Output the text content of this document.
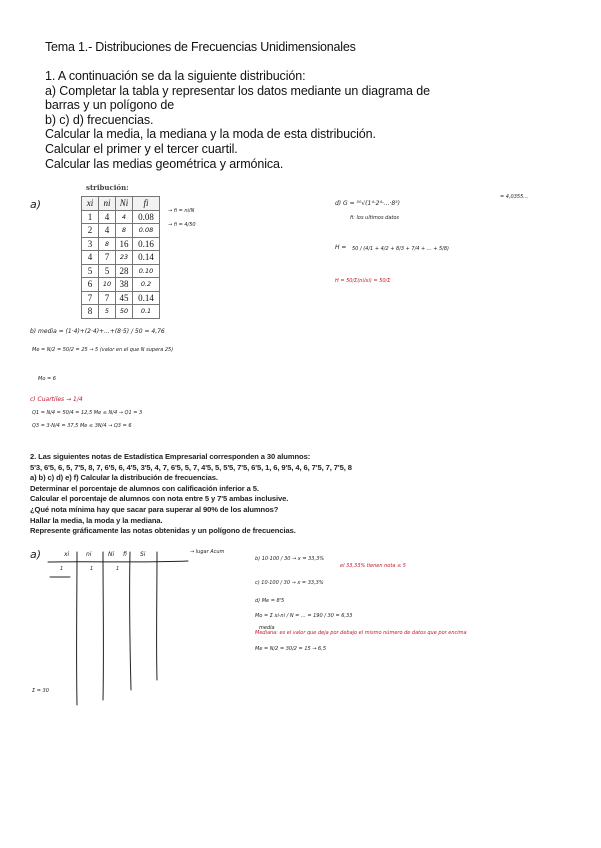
Tema 1.- Distribuciones de Frecuencias Unidimensionales
1. A continuación se da la siguiente distribución:
a) Completar la tabla y representar los datos mediante un diagrama de
barras y un polígono de
b) c) d) frecuencias.
Calcular la media, la mediana y la moda de esta distribución.
Calcular el primer y el tercer cuartil.
Calcular las medias geométrica y armónica.
a)
stribución:
xi	ni	Ni	fi
1	4	4	0.08
2	4	8	0.08
3	8	16	0.16
4	7	23	0.14
5	5	28	0.10
6	10	38	0.2
7	7	45	0.14
8	5	50	0.1
→ fi = ni/N
→ fi = 4/50
d) G = ⁵⁰√(1⁴·2⁴·...·8⁵)
= 4,0355...
fi: los ultimos datos
H = 50 / (4/1 + 4/2 + 8/3 + 7/4 + ... + 5/8)
H = 50/Σ(ni/xi) = 50/Σ
b) media = (1·4)+(2·4)+...+(8·5) / 50 = 4,76
Me = N/2 = 50/2 = 25 → 5 (valor en el que N supera 25)
Mo = 6
c) Cuartiles → 1/4
Q1 = N/4 = 50/4 = 12,5 Me ≤ N/4 → Q1 = 3
Q3 = 3·N/4 = 37,5 Me ≤ 3N/4 → Q3 = 6
2. Las siguientes notas de Estadística Empresarial corresponden a 30 alumnos:
5'3, 6'5, 6, 5, 7'5, 8, 7, 6'5, 6, 4'5, 3'5, 4, 7, 6'5, 5, 7, 4'5, 5, 5'5, 7'5, 6'5, 1, 6, 9'5, 4, 6, 7'5, 7, 7'5, 8
a) b) c) d) e) f) Calcular la distribución de frecuencias.
Determinar el porcentaje de alumnos con calificación inferior a 5.
Calcular el porcentaje de alumnos con nota entre 5 y 7'5 ambas inclusive.
¿Qué nota mínima hay que sacar para superar al 90% de los alumnos?
Hallar la media, la moda y la mediana.
Represente gráficamente las notas obtenidas y un polígono de frecuencias.
a)	xi	ni	Ni fi Si	→ lugar Acum
1	1	1
Σ = 30
b) 10·100 / 30 → x = 33,3%
el 33,33% tienen nota ≤ 5
c) 10·100 / 30 → x = 33,3%
d) Me = 8'5
Mo = Σ xi·ni / N = ... = 190 / 30 = 6,33
media
Mediana: es el valor que deja por debajo el mismo número de datos que por encima
Me = N/2 = 30/2 = 15 → 6,5
